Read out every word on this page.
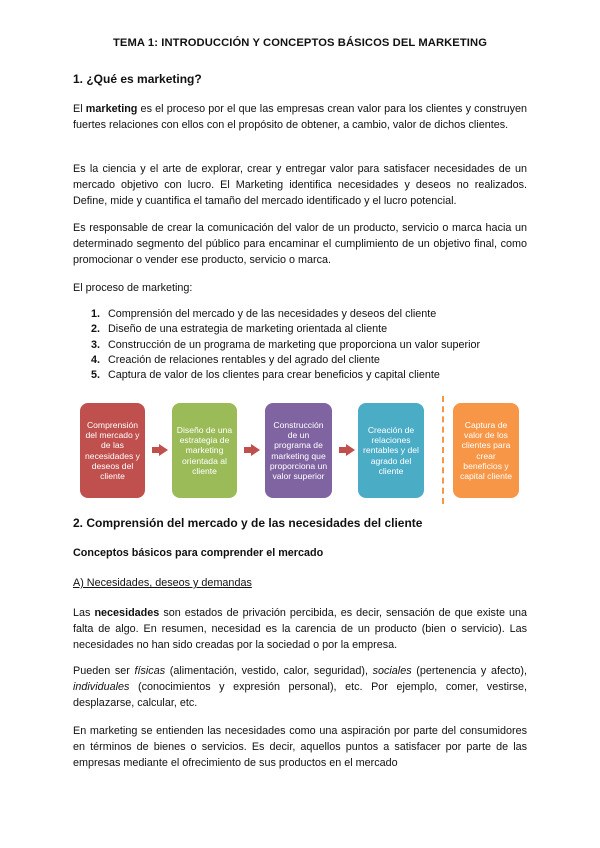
TEMA 1: INTRODUCCIÓN Y CONCEPTOS BÁSICOS DEL MARKETING
1. ¿Qué es marketing?

El marketing es el proceso por el que las empresas crean valor para los clientes y construyen fuertes relaciones con ellos con el propósito de obtener, a cambio, valor de dichos clientes.

Es la ciencia y el arte de explorar, crear y entregar valor para satisfacer necesidades de un mercado objetivo con lucro. El Marketing identifica necesidades y deseos no realizados. Define, mide y cuantifica el tamaño del mercado identificado y el lucro potencial.

Es responsable de crear la comunicación del valor de un producto, servicio o marca hacia un determinado segmento del público para encaminar el cumplimiento de un objetivo final, como promocionar o vender ese producto, servicio o marca.

El proceso de marketing:

1. Comprensión del mercado y de las necesidades y deseos del cliente
2. Diseño de una estrategia de marketing orientada al cliente
3. Construcción de un programa de marketing que proporciona un valor superior
4. Creación de relaciones rentables y del agrado del cliente
5. Captura de valor de los clientes para crear beneficios y capital cliente
Comprensión del mercado y de las necesidades y deseos del cliente
Diseño de una estrategia de marketing orientada al cliente
Construcción de un programa de marketing que proporciona un valor superior
Creación de relaciones rentables y del agrado del cliente
Captura de valor de los clientes para crear beneficios y capital cliente
2. Comprensión del mercado y de las necesidades del cliente

Conceptos básicos para comprender el mercado

A) Necesidades, deseos y demandas

Las necesidades son estados de privación percibida, es decir, sensación de que existe una falta de algo. En resumen, necesidad es la carencia de un producto (bien o servicio). Las necesidades no han sido creadas por la sociedad o por la empresa.

Pueden ser físicas (alimentación, vestido, calor, seguridad), sociales (pertenencia y afecto), individuales (conocimientos y expresión personal), etc. Por ejemplo, comer, vestirse, desplazarse, calcular, etc.

En marketing se entienden las necesidades como una aspiración por parte del consumidores en términos de bienes o servicios. Es decir, aquellos puntos a satisfacer por parte de las empresas mediante el ofrecimiento de sus productos en el mercado
